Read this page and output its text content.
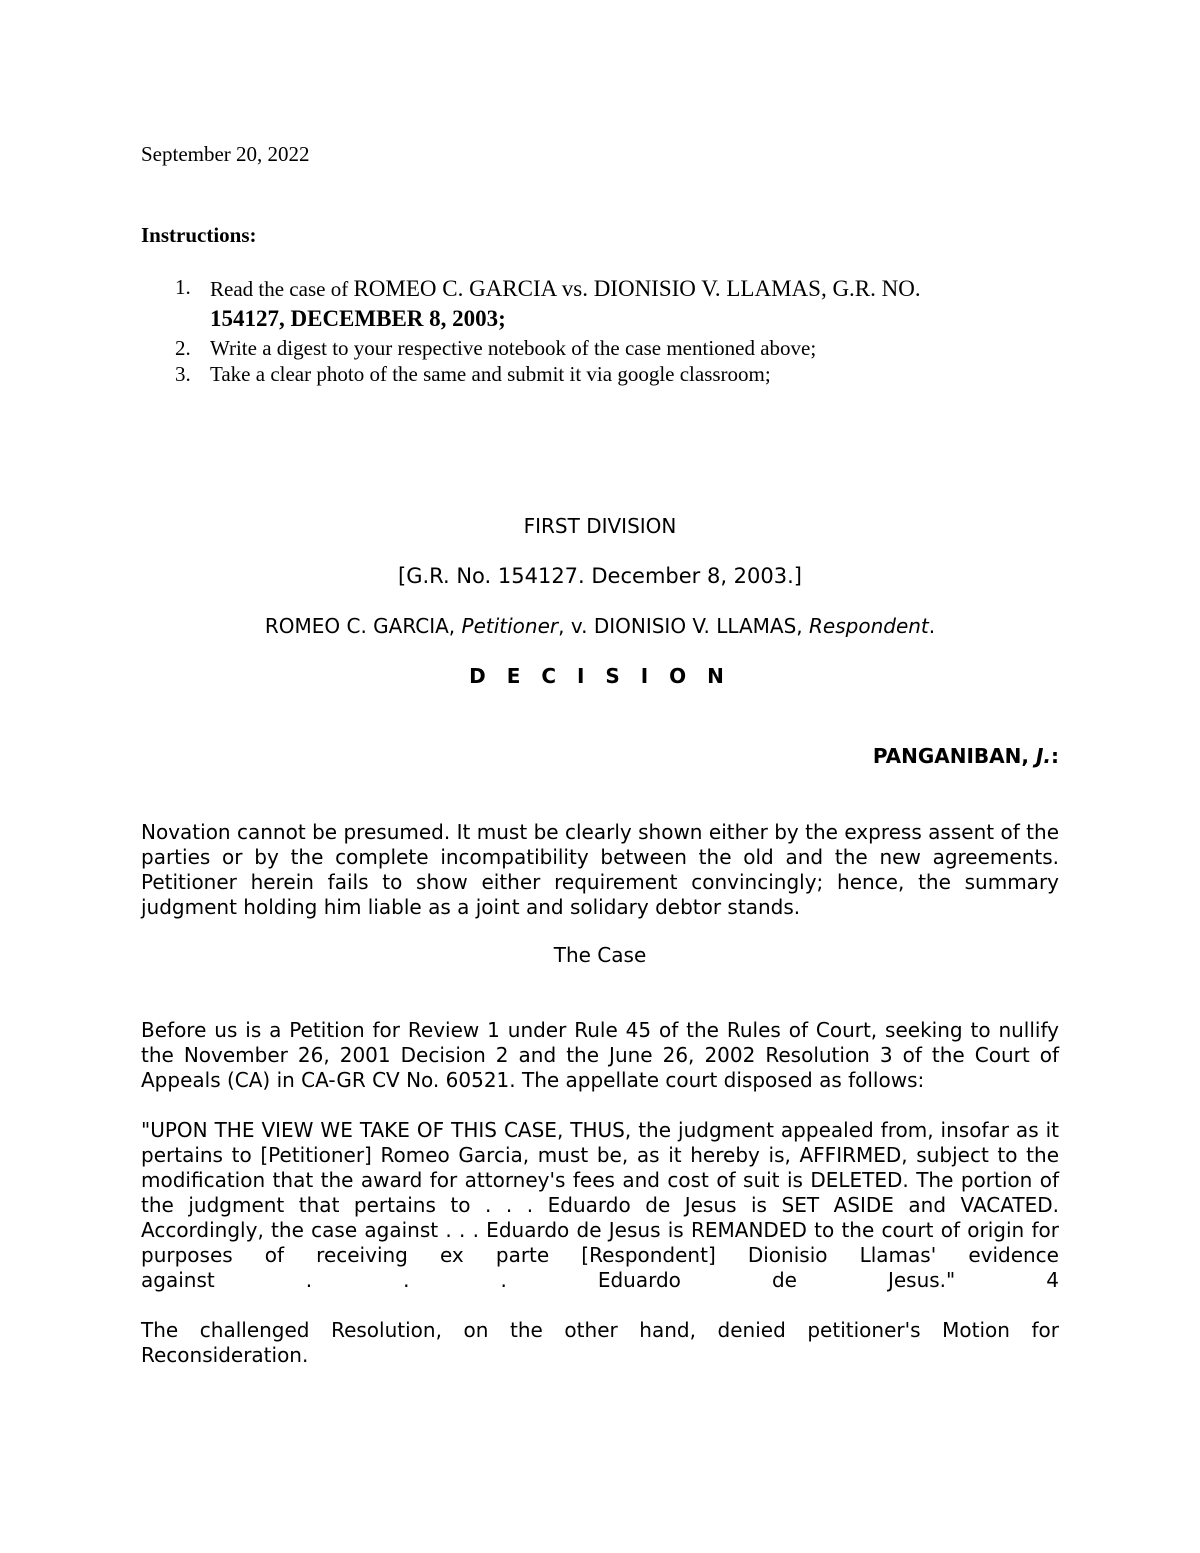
September 20, 2022
Instructions:
1. Read the case of ROMEO C. GARCIA vs. DIONISIO V. LLAMAS, G.R. NO.
154127, DECEMBER 8, 2003;
2. Write a digest to your respective notebook of the case mentioned above;
3. Take a clear photo of the same and submit it via google classroom;
FIRST DIVISION
[G.R. No. 154127. December 8, 2003.]
ROMEO C. GARCIA, Petitioner, v. DIONISIO V. LLAMAS, Respondent.
D E C I S I O N
PANGANIBAN, J.:

Novation cannot be presumed. It must be clearly shown either by the express assent of the parties or by the complete incompatibility between the old and the new agreements. Petitioner herein fails to show either requirement convincingly; hence, the summary judgment holding him liable as a joint and solidary debtor stands.

The Case

Before us is a Petition for Review 1 under Rule 45 of the Rules of Court, seeking to nullify the November 26, 2001 Decision 2 and the June 26, 2002 Resolution 3 of the Court of Appeals (CA) in CA-GR CV No. 60521. The appellate court disposed as follows:

"UPON THE VIEW WE TAKE OF THIS CASE, THUS, the judgment appealed from, insofar as it pertains to [Petitioner] Romeo Garcia, must be, as it hereby is, AFFIRMED, subject to the modification that the award for attorney's fees and cost of suit is DELETED. The portion of the judgment that pertains to . . . Eduardo de Jesus is SET ASIDE and VACATED. Accordingly, the case against . . . Eduardo de Jesus is REMANDED to the court of origin for purposes of receiving ex parte [Respondent] Dionisio Llamas' evidence
against	.	.	.	Eduardo	de	Jesus."	4

The challenged Resolution, on the other hand, denied petitioner's Motion for Reconsideration.
